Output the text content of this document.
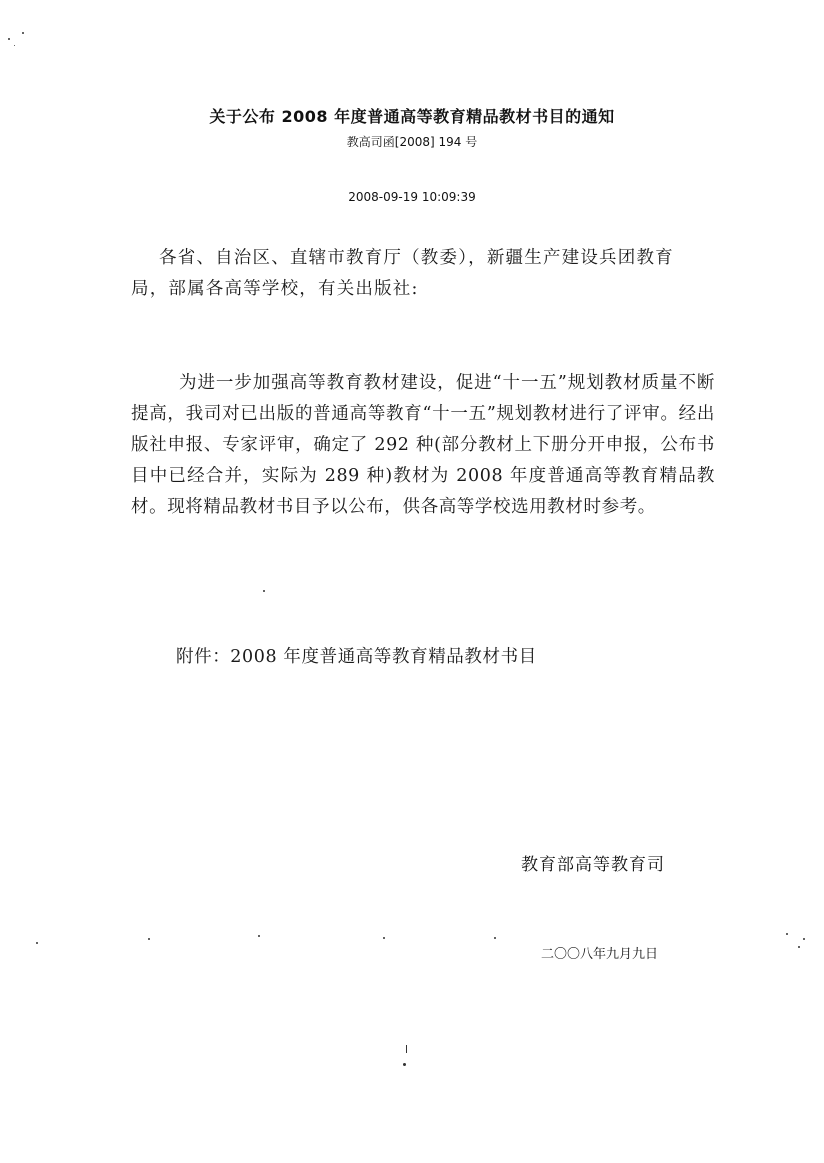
关于公布 2008 年度普通高等教育精品教材书目的通知
教高司函[2008] 194 号
2008-09-19 10:09:39

各省、自治区、直辖市教育厅（教委），新疆生产建设兵团教育
局，部属各高等学校，有关出版社:

为进一步加强高等教育教材建设，促进“十一五”规划教材质量不断提高，我司对已出版的普通高等教育“十一五”规划教材进行了评审。经出版社申报、专家评审，确定了 292 种(部分教材上下册分开申报，公布书目中已经合并，实际为 289 种)教材为 2008 年度普通高等教育精品教材。现将精品教材书目予以公布，供各高等学校选用教材时参考。

附件：2008 年度普通高等教育精品教材书目
教育部高等教育司
二〇〇八年九月九日
